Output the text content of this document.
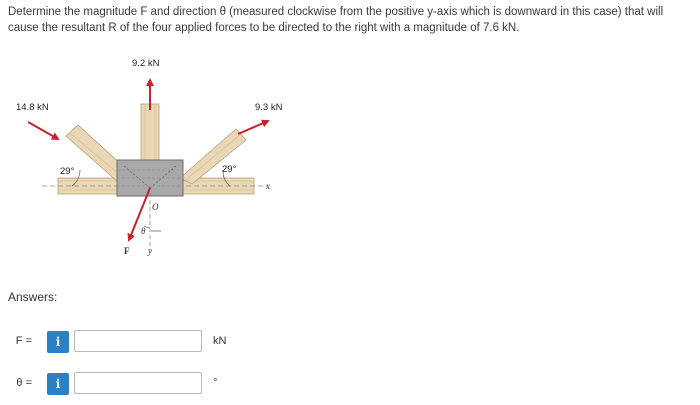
Determine the magnitude F and direction θ (measured clockwise from the positive y-axis which is downward in this case) that will cause the resultant R of the four applied forces to be directed to the right with a magnitude of 7.6 kN.
9.2 kN
14.8 kN	9.3 kN
29°	29°
x
O
θ
F y
Answers:
F =	i	kN
θ =	i	°
